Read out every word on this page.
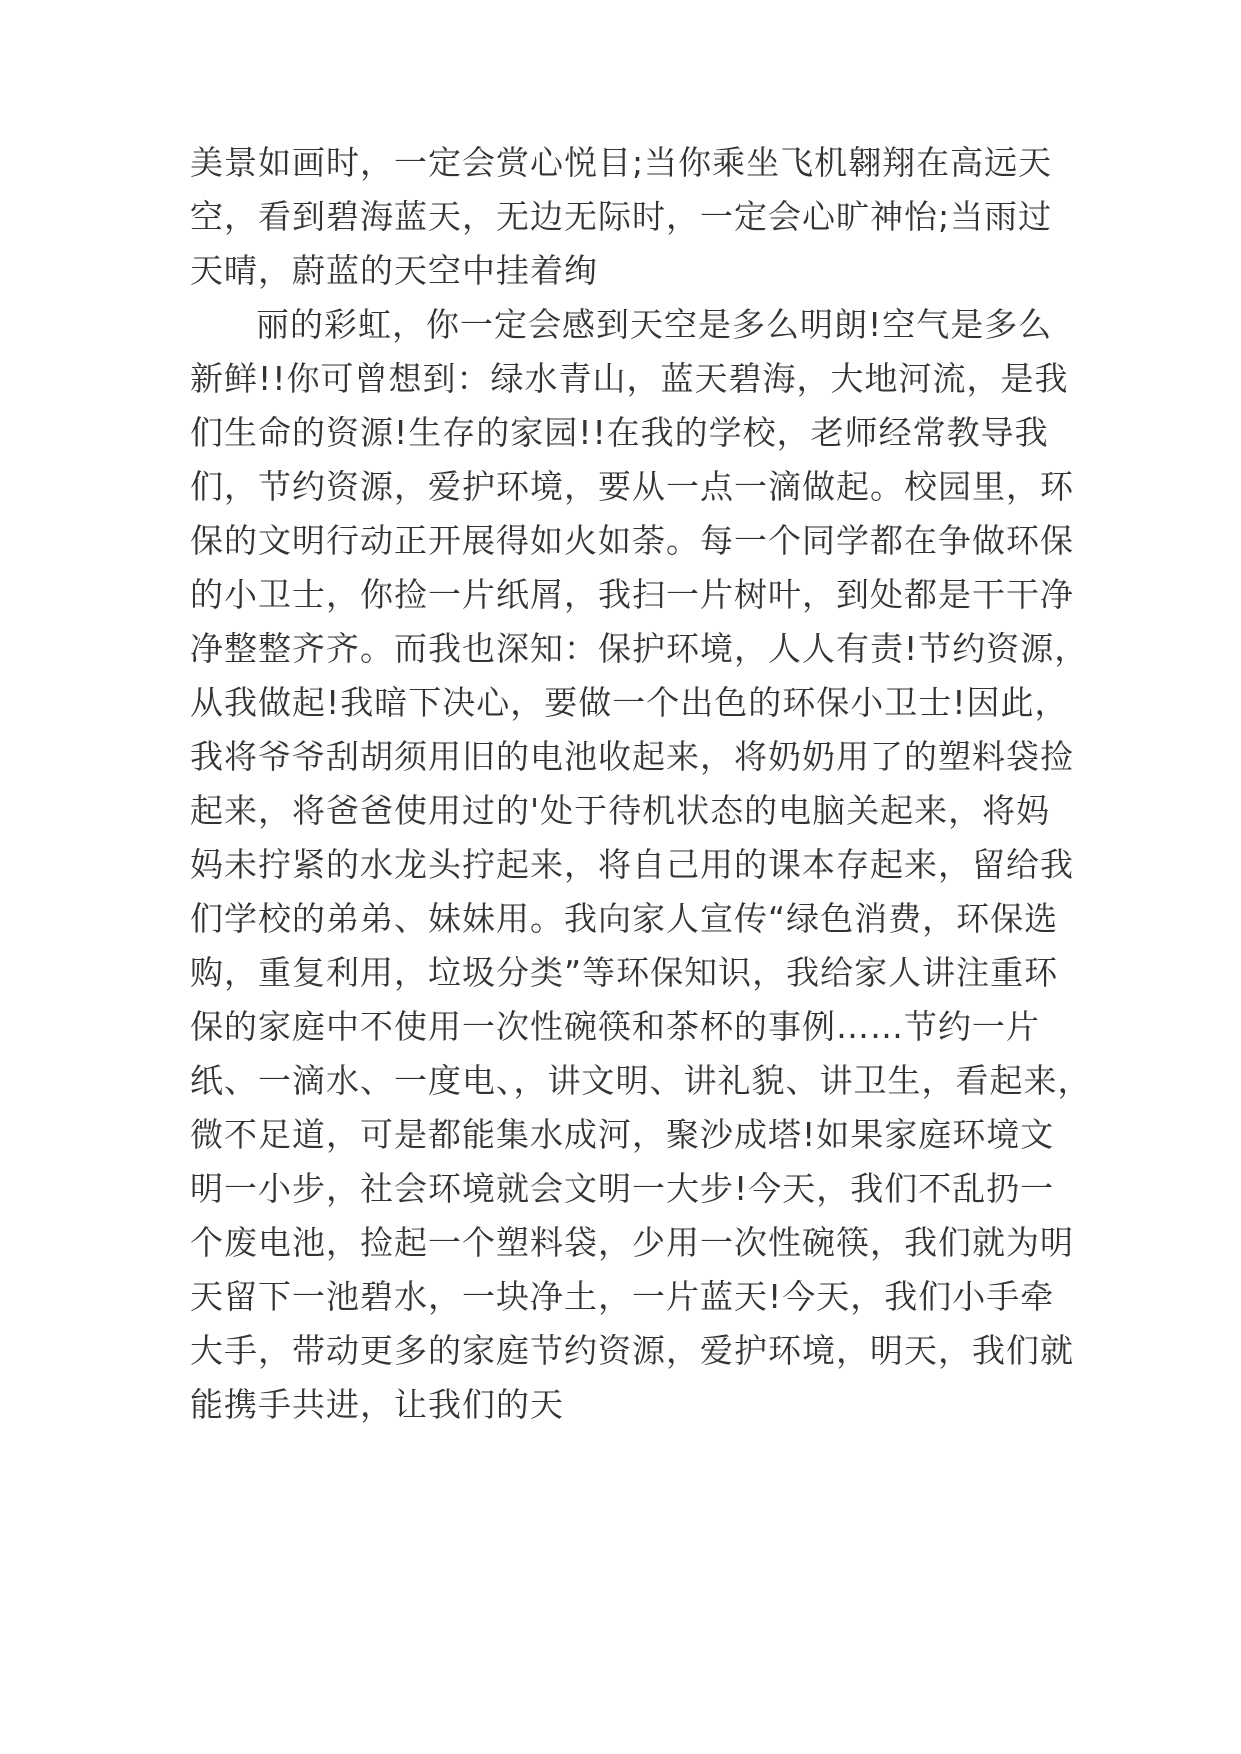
美景如画时，一定会赏心悦目;当你乘坐飞机翱翔在高远天
空，看到碧海蓝天，无边无际时，一定会心旷神怡;当雨过
天晴，蔚蓝的天空中挂着绚
丽的彩虹，你一定会感到天空是多么明朗!空气是多么
新鲜!!你可曾想到：绿水青山，蓝天碧海，大地河流，是我
们生命的资源!生存的家园!!在我的学校，老师经常教导我
们，节约资源，爱护环境，要从一点一滴做起。校园里，环
保的文明行动正开展得如火如荼。每一个同学都在争做环保
的小卫士，你捡一片纸屑，我扫一片树叶，到处都是干干净
净整整齐齐。而我也深知：保护环境，人人有责!节约资源，
从我做起!我暗下决心，要做一个出色的环保小卫士!因此，
我将爷爷刮胡须用旧的电池收起来，将奶奶用了的塑料袋捡
起来，将爸爸使用过的'处于待机状态的电脑关起来，将妈
妈未拧紧的水龙头拧起来，将自己用的课本存起来，留给我
们学校的弟弟、妹妹用。我向家人宣传“绿色消费，环保选
购，重复利用，垃圾分类”等环保知识，我给家人讲注重环
保的家庭中不使用一次性碗筷和茶杯的事例……节约一片
纸、一滴水、一度电、，讲文明、讲礼貌、讲卫生，看起来，
微不足道，可是都能集水成河，聚沙成塔!如果家庭环境文
明一小步，社会环境就会文明一大步!今天，我们不乱扔一
个废电池，捡起一个塑料袋，少用一次性碗筷，我们就为明
天留下一池碧水，一块净土，一片蓝天!今天，我们小手牵
大手，带动更多的家庭节约资源，爱护环境，明天，我们就
能携手共进，让我们的天
